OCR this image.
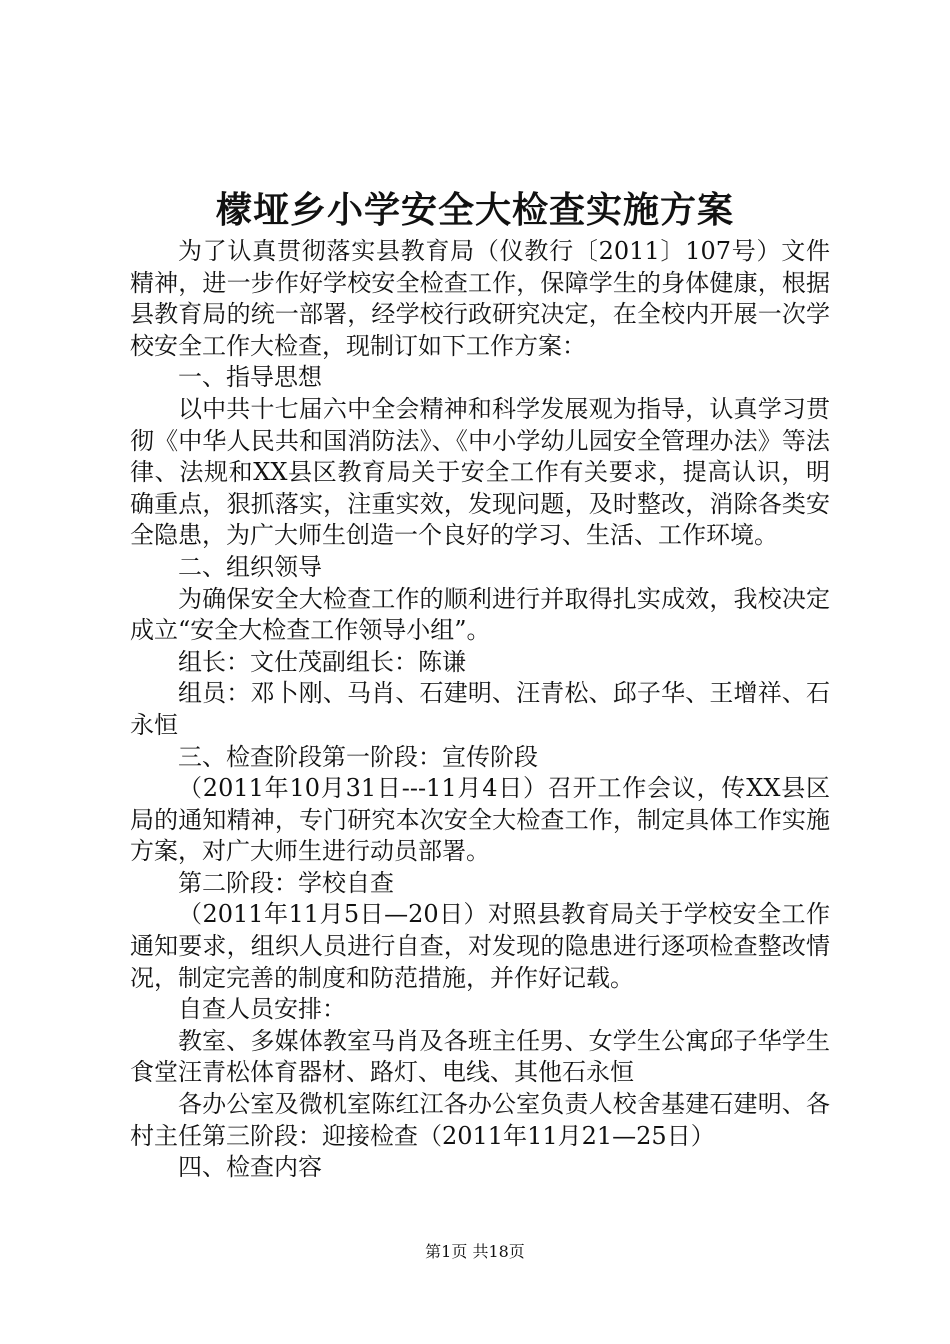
檬垭乡小学安全大检查实施方案

为了认真贯彻落实县教育局（仪教行〔2011〕107号）文件精神，进一步作好学校安全检查工作，保障学生的身体健康，根据县教育局的统一部署，经学校行政研究决定，在全校内开展一次学校安全工作大检查，现制订如下工作方案：

一、指导思想

以中共十七届六中全会精神和科学发展观为指导，认真学习贯彻《中华人民共和国消防法》、《中小学幼儿园安全管理办法》等法律、法规和XX县区教育局关于安全工作有关要求，提高认识，明确重点，狠抓落实，注重实效，发现问题，及时整改，消除各类安全隐患，为广大师生创造一个良好的学习、生活、工作环境。

二、组织领导

为确保安全大检查工作的顺利进行并取得扎实成效，我校决定成立“安全大检查工作领导小组”。

组长：文仕茂副组长：陈谦

组员：邓卜刚、马肖、石建明、汪青松、邱子华、王增祥、石永恒

三、检查阶段第一阶段：宣传阶段

（2011年10月31日---11月4日）召开工作会议，传XX县区局的通知精神，专门研究本次安全大检查工作，制定具体工作实施方案，对广大师生进行动员部署。

第二阶段：学校自查

（2011年11月5日—20日）对照县教育局关于学校安全工作通知要求，组织人员进行自查，对发现的隐患进行逐项检查整改情况，制定完善的制度和防范措施，并作好记载。

自查人员安排：

教室、多媒体教室马肖及各班主任男、女学生公寓邱子华学生食堂汪青松体育器材、路灯、电线、其他石永恒

各办公室及微机室陈红江各办公室负责人校舍基建石建明、各村主任第三阶段：迎接检查（2011年11月21—25日）

四、检查内容

第1页 共18页
